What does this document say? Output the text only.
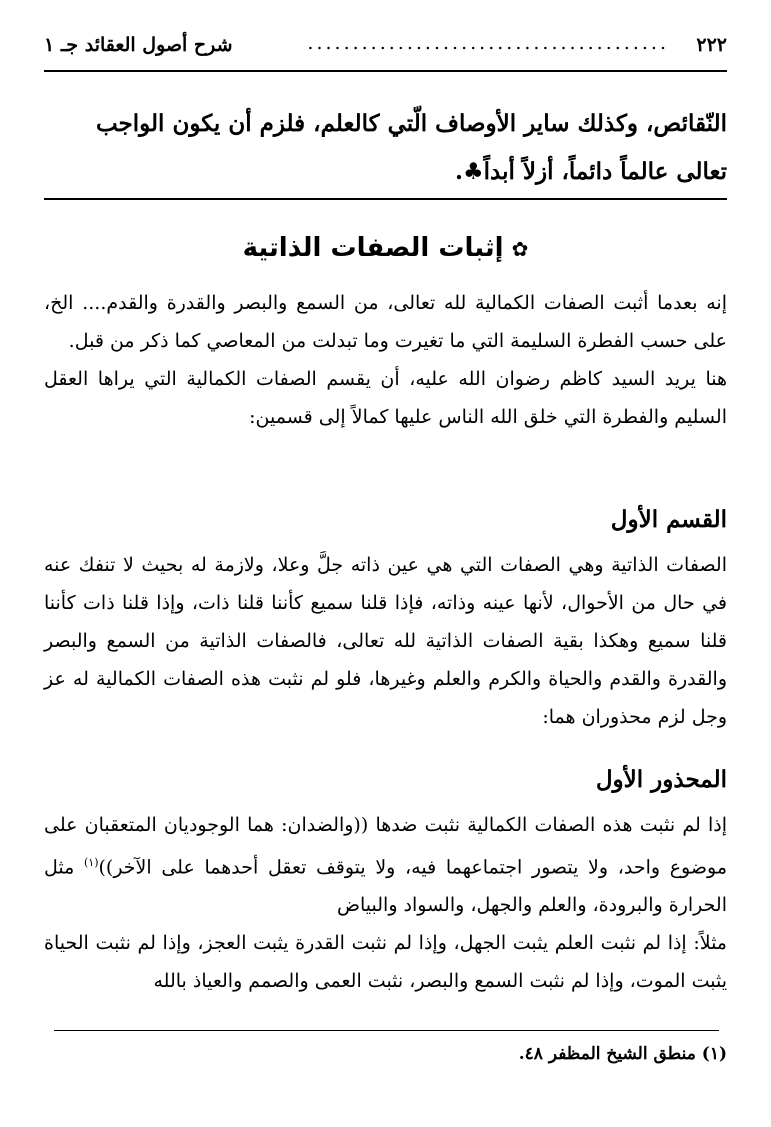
٢٢٢
........................................
شرح أصول العقائد جـ ١

النّقائص، وكذلك ساير الأوصاف الّتي كالعلم، فلزم أن يكون الواجب

تعالى عالماً دائماً، أزلاً أبداً♣.

✿إثبات الصفات الذاتية

إنه بعدما أثبت الصفات الكمالية لله تعالى، من السمع والبصر والقدرة والقدم.... الخ، على حسب الفطرة السليمة التي ما تغيرت وما تبدلت من المعاصي كما ذكر من قبل.

هنا يريد السيد كاظم رضوان الله عليه، أن يقسم الصفات الكمالية التي يراها العقل السليم والفطرة التي خلق الله الناس عليها كمالاً إلى قسمين:

القسم الأول

الصفات الذاتية وهي الصفات التي هي عين ذاته جلَّ وعلا، ولازمة له بحيث لا تنفك عنه في حال من الأحوال، لأنها عينه وذاته، فإذا قلنا سميع كأننا قلنا ذات، وإذا قلنا ذات كأننا قلنا سميع وهكذا بقية الصفات الذاتية لله تعالى، فالصفات الذاتية من السمع والبصر والقدرة والقدم والحياة والكرم والعلم وغيرها، فلو لم نثبت هذه الصفات الكمالية له عز وجل لزم محذوران هما:

المحذور الأول

إذا لم نثبت هذه الصفات الكمالية نثبت ضدها ((والضدان: هما الوجوديان المتعقبان على موضوع واحد، ولا يتصور اجتماعهما فيه، ولا يتوقف تعقل أحدهما على الآخر))$^{(١)}$ مثل الحرارة والبرودة، والعلم والجهل، والسواد والبياض

مثلاً: إذا لم نثبت العلم يثبت الجهل، وإذا لم نثبت القدرة يثبت العجز، وإذا لم نثبت الحياة يثبت الموت، وإذا لم نثبت السمع والبصر، نثبت العمى والصمم والعياذ بالله

(١) منطق الشيخ المظفر ٤٨.
